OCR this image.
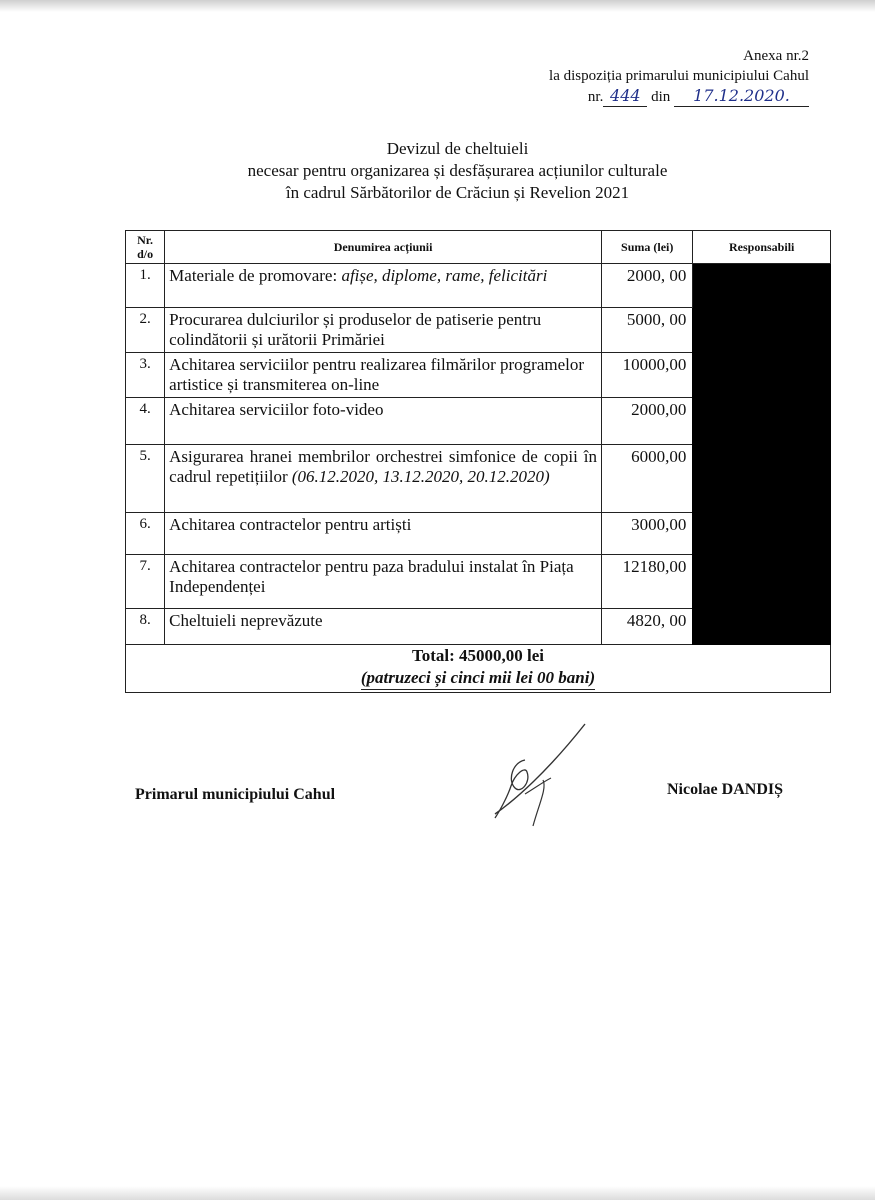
Anexa nr.2
la dispoziția primarului municipiului Cahul
nr. 444 din 17.12.2020.
Devizul de cheltuieli
necesar pentru organizarea și desfășurarea acțiunilor culturale
în cadrul Sărbătorilor de Crăciun și Revelion 2021
Nr. d/o	Denumirea acțiunii	Suma (lei)	Responsabili
1.	Materiale de promovare: afișe, diplome, rame, felicitări	2000, 00	
2.	Procurarea dulciurilor și produselor de patiserie pentru colindătorii și urătorii Primăriei	5000, 00	
3.	Achitarea serviciilor pentru realizarea filmărilor programelor artistice și transmiterea on-line	10000,00	
4.	Achitarea serviciilor foto-video	2000,00	
5.	Asigurarea hranei membrilor orchestrei simfonice de copii în cadrul repetițiilor (06.12.2020, 13.12.2020, 20.12.2020)	6000,00	
6.	Achitarea contractelor pentru artiști	3000,00	
7.	Achitarea contractelor pentru paza bradului instalat în Piața Independenței	12180,00	
8.	Cheltuieli neprevăzute	4820, 00	

Total: 45000,00 lei
(patruzeci și cinci mii lei 00 bani)			
Primarul municipiului Cahul	Nicolae DANDIȘ
